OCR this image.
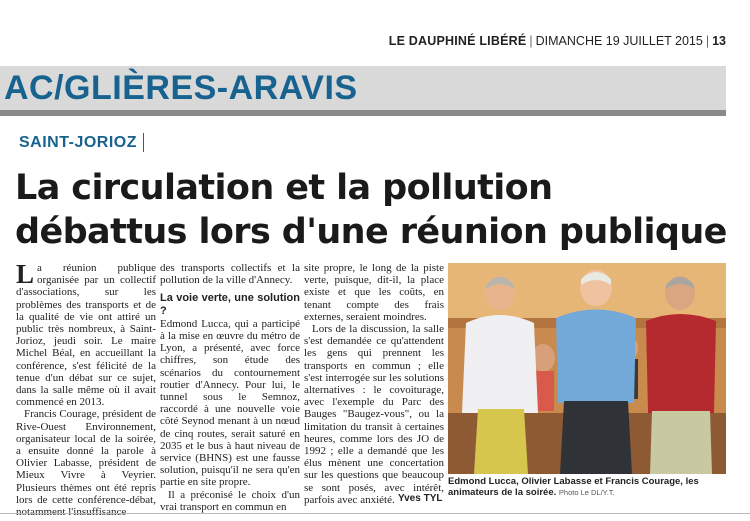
LE DAUPHINÉ LIBÉRÉ | DIMANCHE 19 JUILLET 2015 | 13
AC/GLIÈRES-ARAVIS
SAINT-JORIOZ
La circulation et la pollution
débattus lors d'une réunion publique

La réunion publique organisée par un collectif d'associations, sur les problèmes des transports et de la qualité de vie ont attiré un public très nombreux, à Saint-Jorioz, jeudi soir. Le maire Michel Béal, en accueillant la conférence, s'est félicité de la tenue d'un débat sur ce sujet, dans la salle même où il avait commencé en 2013.

Francis Courage, président de Rive-Ouest Environnement, organisateur local de la soirée, a ensuite donné la parole à Olivier Labasse, président de Mieux Vivre à Veyrier. Plusieurs thèmes ont été repris lors de cette conférence-débat,

des transports collectifs et la pollution de la ville d'Annecy.

La voie verte, une solution ?

Edmond Lucca, qui a participé à la mise en œuvre du métro de Lyon, a présenté, avec force chiffres, son étude des scénarios du contournement routier d'Annecy. Pour lui, le tunnel sous le Semnoz, raccordé à une nouvelle voie côté Seynod menant à un nœud de cinq routes, serait saturé en 2035 et le bus à haut niveau de service (BHNS) est une fausse solution, puisqu'il ne sera qu'en partie en site propre.

Il a préconisé le choix d'un vrai transport en commun en

site propre, le long de la piste verte, puisque, dit-il, la place existe et que les coûts, en tenant compte des frais externes, seraient moindres.

Lors de la discussion, la salle s'est demandée ce qu'attendent les gens qui prennent les transports en commun ; elle s'est interrogée sur les solutions alternatives : le covoiturage, avec l'exemple du Parc des Bauges "Baugez-vous", ou la limitation du transit à certaines heures, comme lors des JO de 1992 ; elle a demandé que les élus mènent une concertation sur les questions que beaucoup se sont posés, avec intérêt, parfois avec anxiété. Yves TYL
Edmond Lucca, Olivier Labasse et Francis Courage, les animateurs de la soirée. Photo Le DL/Y.T.
